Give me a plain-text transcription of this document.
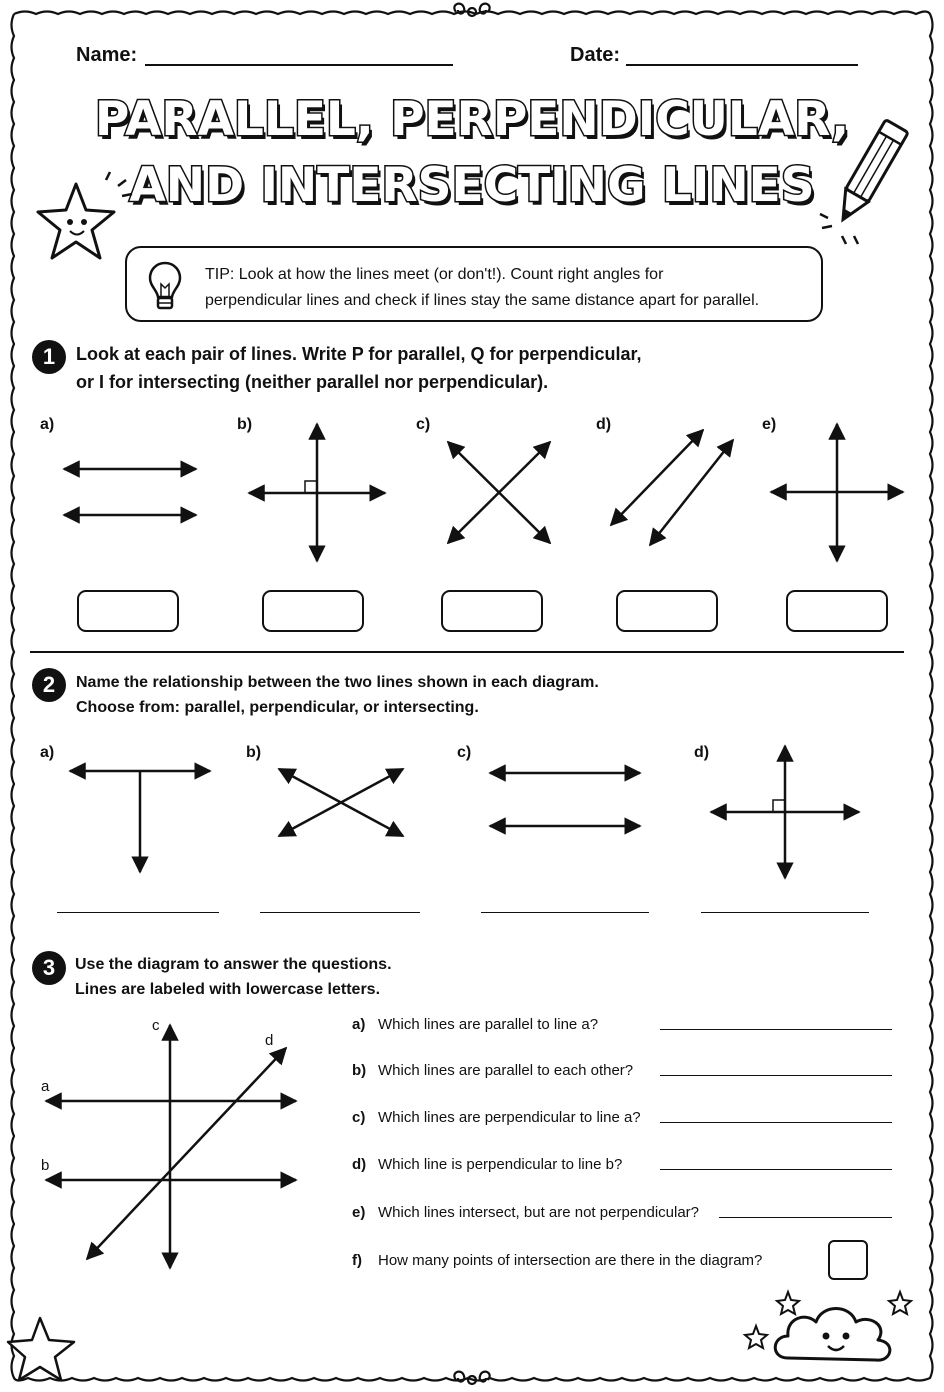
Name:	Date:
PARALLEL, PERPENDICULAR,
AND INTERSECTING LINES
TIP: Look at how the lines meet (or don't!). Count right angles for
perpendicular lines and check if lines stay the same distance apart for parallel.
1	Look at each pair of lines. Write P for parallel, Q for perpendicular,
or I for intersecting (neither parallel nor perpendicular).
a)	b)	c)	d)	e)
2	Name the relationship between the two lines shown in each diagram.
Choose from: parallel, perpendicular, or intersecting.
a)	b)	c)	d)
3	Use the diagram to answer the questions.
Lines are labeled with lowercase letters.
a
b
c
d
a) Which lines are parallel to line a?
b) Which lines are parallel to each other?
c) Which lines are perpendicular to line a?
d) Which line is perpendicular to line b?
e) Which lines intersect, but are not perpendicular?
f) How many points of intersection are there in the diagram?
